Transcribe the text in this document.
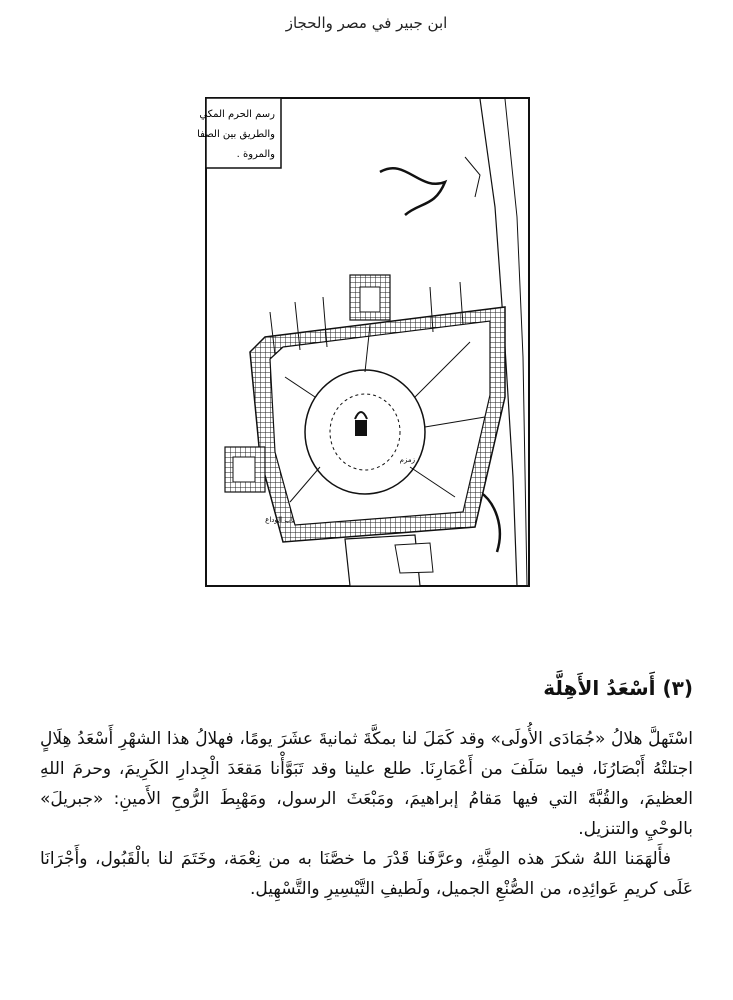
ابن جبير في مصر والحجاز
رسم الحرم المكي
والطريق بين الصفا
والمروة .
باب الوداع
زمزم
(٣) أَسْعَدُ الأَهِلَّة

اسْتَهلَّ هلالُ «جُمَادَى الأُولَى» وقد كَمَلَ لنا بمكَّةَ ثمانيةَ عشَرَ يومًا، فهلالُ هذا الشهْرِ أَسْعَدُ هِلَالٍ اجتلتْهُ أَبْصَارُنَا، فيما سَلَفَ من أَعْمَارِنَا. طلع علينا وقد تَبَوَّأْنا مَقعَدَ الْجِدارِ الكَرِيمَ، وحرمَ اللهِ العظيمَ، والقُبَّةَ التي فيها مَقامُ إبراهيمَ، ومَبْعَثَ الرسول، ومَهْبِطَ الرُّوحِ الأَمينِ: «جبريلَ» بالوحْيِ والتنزيل.

فأَلهَمَنا اللهُ شكرَ هذه المِنَّةِ، وعرَّفَنا قَدْرَ ما خصَّنَا به من نِعْمَة، وخَتَمَ لنا بالْقَبُول، وأَجْرَانَا عَلَى كريمِ عَوائِدِه، من الصُّنْعِ الجميل، ولَطيفِ التَّيْسِيرِ والتَّسْهِيل.
